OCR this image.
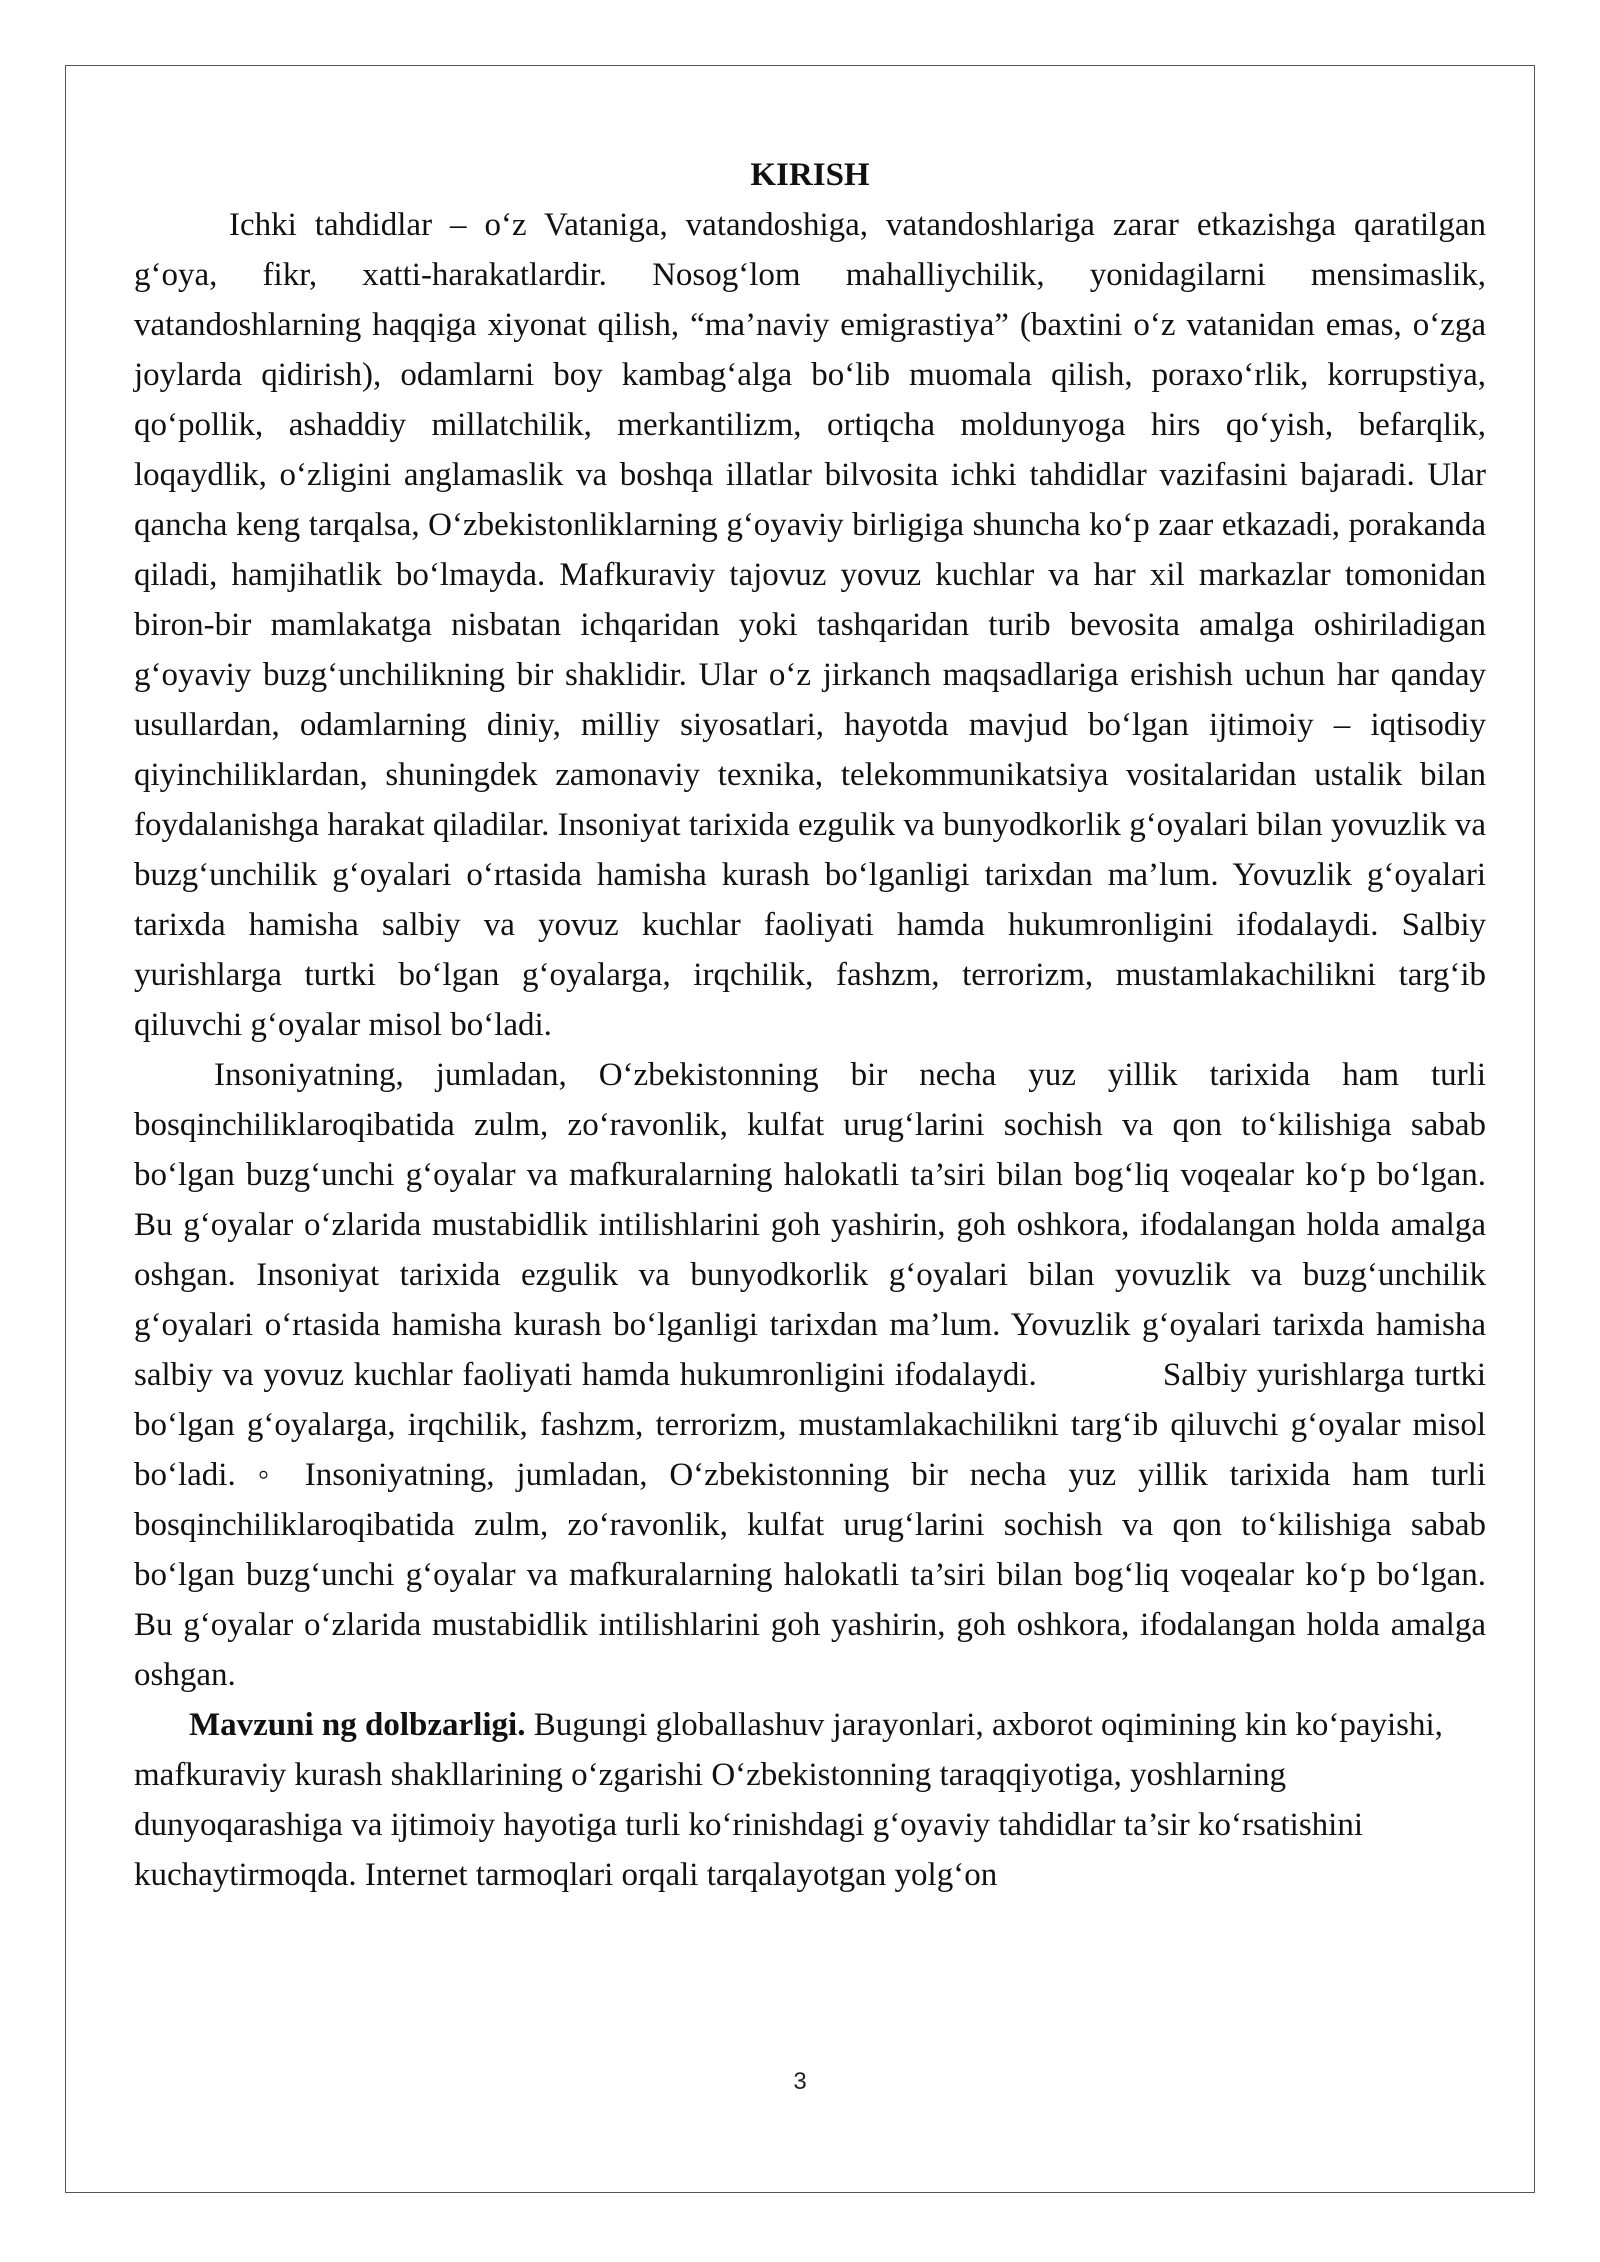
KIRISH

Ichki tahdidlar – o‘z Vataniga, vatandoshiga, vatandoshlariga zarar etkazishga qaratilgan g‘oya, fikr, xatti-harakatlardir. Nosog‘lom mahalliychilik, yonidagilarni mensimaslik, vatandoshlarning haqqiga xiyonat qilish, “ma’naviy emigrastiya” (baxtini o‘z vatanidan emas, o‘zga joylarda qidirish), odamlarni boy kambag‘alga bo‘lib muomala qilish, poraxo‘rlik, korrupstiya, qo‘pollik, ashaddiy millatchilik, merkantilizm, ortiqcha moldunyoga hirs qo‘yish, befarqlik, loqaydlik, o‘zligini anglamaslik va boshqa illatlar bilvosita ichki tahdidlar vazifasini bajaradi. Ular qancha keng tarqalsa, O‘zbekistonliklarning g‘oyaviy birligiga shuncha ko‘p zaar etkazadi, porakanda qiladi, hamjihatlik bo‘lmayda. Mafkuraviy tajovuz yovuz kuchlar va har xil markazlar tomonidan biron-bir mamlakatga nisbatan ichqaridan yoki tashqaridan turib bevosita amalga oshiriladigan g‘oyaviy buzg‘unchilikning bir shaklidir. Ular o‘z jirkanch maqsadlariga erishish uchun har qanday usullardan, odamlarning diniy, milliy siyosatlari, hayotda mavjud bo‘lgan ijtimoiy – iqtisodiy qiyinchiliklardan, shuningdek zamonaviy texnika, telekommunikatsiya vositalaridan ustalik bilan foydalanishga harakat qiladilar. Insoniyat tarixida ezgulik va bunyodkorlik g‘oyalari bilan yovuzlik va buzg‘unchilik g‘oyalari o‘rtasida hamisha kurash bo‘lganligi tarixdan ma’lum. Yovuzlik g‘oyalari tarixda hamisha salbiy va yovuz kuchlar faoliyati hamda hukumronligini ifodalaydi. Salbiy yurishlarga turtki bo‘lgan g‘oyalarga, irqchilik, fashzm, terrorizm, mustamlakachilikni targ‘ib qiluvchi g‘oyalar misol bo‘ladi.

Insoniyatning, jumladan, O‘zbekistonning bir necha yuz yillik tarixida ham turli bosqinchiliklaroqibatida zulm, zo‘ravonlik, kulfat urug‘larini sochish va qon to‘kilishiga sabab bo‘lgan buzg‘unchi g‘oyalar va mafkuralarning halokatli ta’siri bilan bog‘liq voqealar ko‘p bo‘lgan. Bu g‘oyalar o‘zlarida mustabidlik intilishlarini goh yashirin, goh oshkora, ifodalangan holda amalga oshgan. Insoniyat tarixida ezgulik va bunyodkorlik g‘oyalari bilan yovuzlik va buzg‘unchilik g‘oyalari o‘rtasida hamisha kurash bo‘lganligi tarixdan ma’lum. Yovuzlik g‘oyalari tarixda hamisha salbiy va yovuz kuchlar faoliyati hamda hukumronligini ifodalaydi.             Salbiy yurishlarga turtki bo‘lgan g‘oyalarga, irqchilik, fashzm, terrorizm, mustamlakachilikni targ‘ib qiluvchi g‘oyalar misol bo‘ladi. ◦ Insoniyatning, jumladan, O‘zbekistonning bir necha yuz yillik tarixida ham turli bosqinchiliklaroqibatida zulm, zo‘ravonlik, kulfat urug‘larini sochish va qon to‘kilishiga sabab bo‘lgan buzg‘unchi g‘oyalar va mafkuralarning halokatli ta’siri bilan bog‘liq voqealar ko‘p bo‘lgan. Bu g‘oyalar o‘zlarida mustabidlik intilishlarini goh yashirin, goh oshkora, ifodalangan holda amalga oshgan.

Mavzuni ng dolbzarligi. Bugungi globallashuv jarayonlari, axborot oqimining kin ko‘payishi, mafkuraviy kurash shakllarining o‘zgarishi O‘zbekistonning taraqqiyotiga, yoshlarning dunyoqarashiga va ijtimoiy hayotiga turli ko‘rinishdagi g‘oyaviy tahdidlar ta’sir ko‘rsatishini kuchaytirmoqda. Internet tarmoqlari orqali tarqalayotgan yolg‘on

3
